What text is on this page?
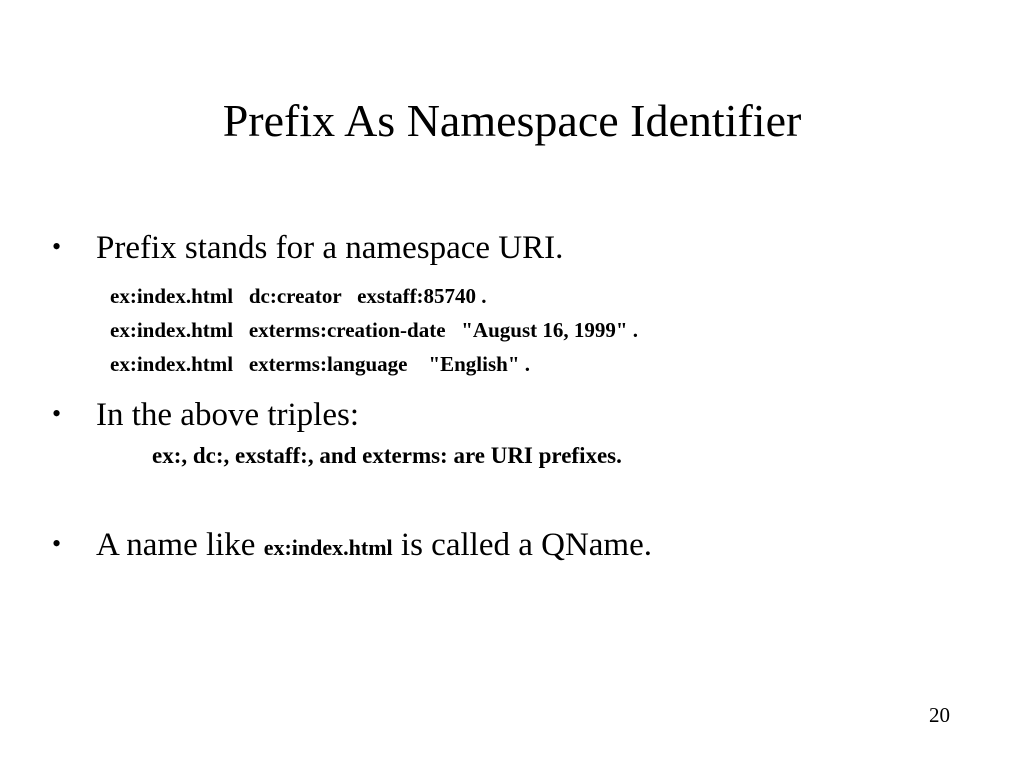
Prefix As Namespace Identifier
•	Prefix stands for a namespace URI.
ex:index.html   dc:creator   exstaff:85740 .
ex:index.html   exterms:creation-date   "August 16, 1999" .
ex:index.html   exterms:language    "English" .
•	In the above triples:
ex:, dc:, exstaff:, and exterms: are URI prefixes.
•	A name like ex:index.html is called a QName.
20
